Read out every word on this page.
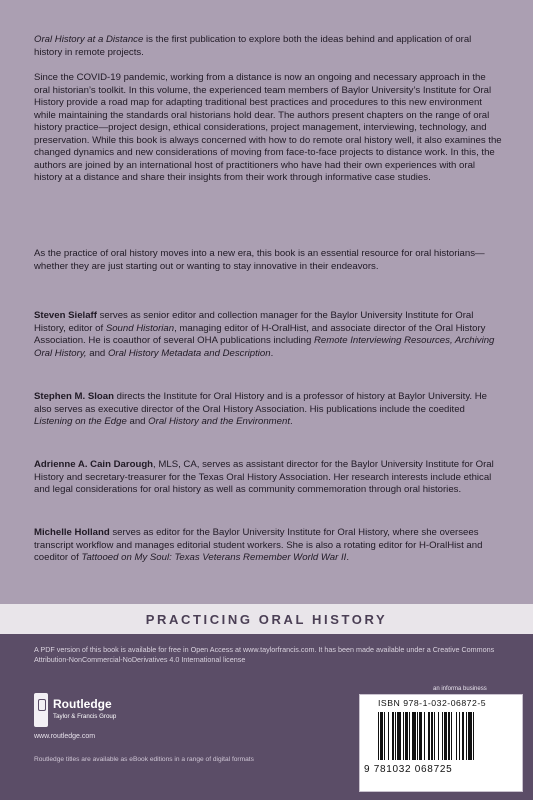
Oral History at a Distance is the first publication to explore both the ideas behind and application of oral history in remote projects.

Since the COVID-19 pandemic, working from a distance is now an ongoing and necessary approach in the oral historian’s toolkit. In this volume, the experienced team members of Baylor University’s Institute for Oral History provide a road map for adapting traditional best practices and procedures to this new environment while maintaining the standards oral historians hold dear. The authors present chapters on the range of oral history practice—project design, ethical considerations, project management, interviewing, technology, and preservation. While this book is always concerned with how to do remote oral history well, it also examines the changed dynamics and new considerations of moving from face-to-face projects to distance work. In this, the authors are joined by an international host of practitioners who have had their own experiences with oral history at a distance and share their insights from their work through informative case studies.

As the practice of oral history moves into a new era, this book is an essential resource for oral historians—whether they are just starting out or wanting to stay innovative in their endeavors.

Steven Sielaff serves as senior editor and collection manager for the Baylor University Institute for Oral History, editor of Sound Historian, managing editor of H-OralHist, and associate director of the Oral History Association. He is coauthor of several OHA publications including Remote Interviewing Resources, Archiving Oral History, and Oral History Metadata and Description.

Stephen M. Sloan directs the Institute for Oral History and is a professor of history at Baylor University. He also serves as executive director of the Oral History Association. His publications include the coedited Listening on the Edge and Oral History and the Environment.

Adrienne A. Cain Darough, MLS, CA, serves as assistant director for the Baylor University Institute for Oral History and secretary-treasurer for the Texas Oral History Association. Her research interests include ethical and legal considerations for oral history as well as community commemoration through oral histories.

Michelle Holland serves as editor for the Baylor University Institute for Oral History, where she oversees transcript workflow and manages editorial student workers. She is also a rotating editor for H-OralHist and coeditor of Tattooed on My Soul: Texas Veterans Remember World War II.

PRACTICING ORAL HISTORY
A PDF version of this book is available for free in Open Access at www.taylorfrancis.com. It has been made available under a Creative Commons Attribution-NonCommercial-NoDerivatives 4.0 International license
an informa business
Routledge
Taylor & Francis Group
www.routledge.com
Routledge titles are available as eBook editions in a range of digital formats
ISBN 978-1-032-06872-5
9 781032 068725
